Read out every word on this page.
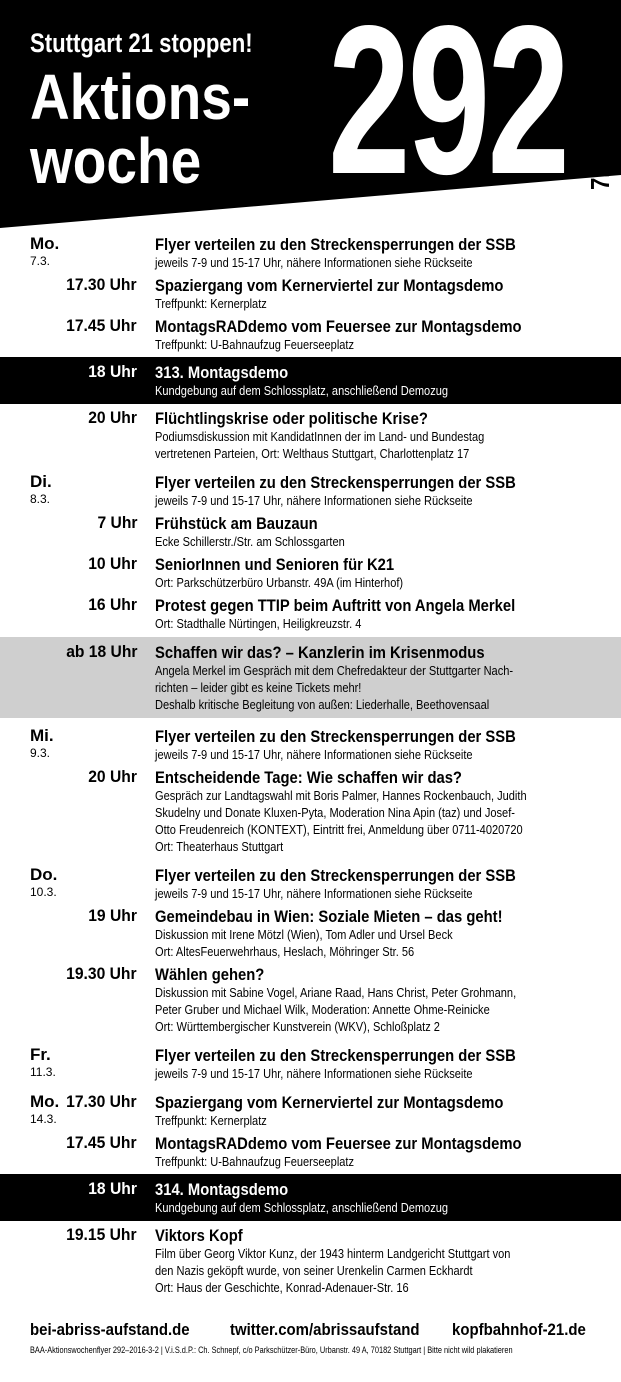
Stuttgart 21 stoppen!
Aktions-
woche 292 7.3.- 14.3.
Mo.
7.3.
Flyer verteilen zu den Streckensperrungen der SSB
jeweils 7-9 und 15-17 Uhr, nähere Informationen siehe Rückseite
17.30 Uhr Spaziergang vom Kernerviertel zur Montagsdemo
Treffpunkt: Kernerplatz
17.45 Uhr MontagsRADdemo vom Feuersee zur Montagsdemo
Treffpunkt: U-Bahnaufzug Feuerseeplatz
18 Uhr 313. Montagsdemo
Kundgebung auf dem Schlossplatz, anschließend Demozug
20 Uhr Flüchtlingskrise oder politische Krise?
Podiumsdiskussion mit KandidatInnen der im Land- und Bundestag
vertretenen Parteien, Ort: Welthaus Stuttgart, Charlottenplatz 17
Di.
8.3.
Flyer verteilen zu den Streckensperrungen der SSB
jeweils 7-9 und 15-17 Uhr, nähere Informationen siehe Rückseite
7 Uhr Frühstück am Bauzaun
Ecke Schillerstr./Str. am Schlossgarten
10 Uhr SeniorInnen und Senioren für K21
Ort: Parkschützerbüro Urbanstr. 49A (im Hinterhof)
16 Uhr Protest gegen TTIP beim Auftritt von Angela Merkel
Ort: Stadthalle Nürtingen, Heiligkreuzstr. 4
ab 18 Uhr Schaffen wir das? – Kanzlerin im Krisenmodus
Angela Merkel im Gespräch mit dem Chefredakteur der Stuttgarter Nach-
richten – leider gibt es keine Tickets mehr!
Deshalb kritische Begleitung von außen: Liederhalle, Beethovensaal
Mi.
9.3.
Flyer verteilen zu den Streckensperrungen der SSB
jeweils 7-9 und 15-17 Uhr, nähere Informationen siehe Rückseite
20 Uhr Entscheidende Tage: Wie schaffen wir das?
Gespräch zur Landtagswahl mit Boris Palmer, Hannes Rockenbauch, Judith
Skudelny und Donate Kluxen-Pyta, Moderation Nina Apin (taz) und Josef-
Otto Freudenreich (KONTEXT), Eintritt frei, Anmeldung über 0711-4020720
Ort: Theaterhaus Stuttgart
Do.
10.3.
Flyer verteilen zu den Streckensperrungen der SSB
jeweils 7-9 und 15-17 Uhr, nähere Informationen siehe Rückseite
19 Uhr Gemeindebau in Wien: Soziale Mieten – das geht!
Diskussion mit Irene Mötzl (Wien), Tom Adler und Ursel Beck
Ort: AltesFeuerwehrhaus, Heslach, Möhringer Str. 56
19.30 Uhr Wählen gehen?
Diskussion mit Sabine Vogel, Ariane Raad, Hans Christ, Peter Grohmann,
Peter Gruber und Michael Wilk, Moderation: Annette Ohme-Reinicke
Ort: Württembergischer Kunstverein (WKV), Schloßplatz 2
Fr.
11.3.
Flyer verteilen zu den Streckensperrungen der SSB
jeweils 7-9 und 15-17 Uhr, nähere Informationen siehe Rückseite
Mo.
14.3.
17.30 Uhr Spaziergang vom Kernerviertel zur Montagsdemo
Treffpunkt: Kernerplatz
17.45 Uhr MontagsRADdemo vom Feuersee zur Montagsdemo
Treffpunkt: U-Bahnaufzug Feuerseeplatz
18 Uhr 314. Montagsdemo
Kundgebung auf dem Schlossplatz, anschließend Demozug
19.15 Uhr Viktors Kopf
Film über Georg Viktor Kunz, der 1943 hinterm Landgericht Stuttgart von
den Nazis geköpft wurde, von seiner Urenkelin Carmen Eckhardt
Ort: Haus der Geschichte, Konrad-Adenauer-Str. 16
bei-abriss-aufstand.de twitter.com/abrissaufstand kopfbahnhof-21.de
BAA-Aktionswochenflyer 292–2016-3-2 | V.i.S.d.P.: Ch. Schnepf, c/o Parkschützer-Büro, Urbanstr. 49 A, 70182 Stuttgart | Bitte nicht wild plakatieren
